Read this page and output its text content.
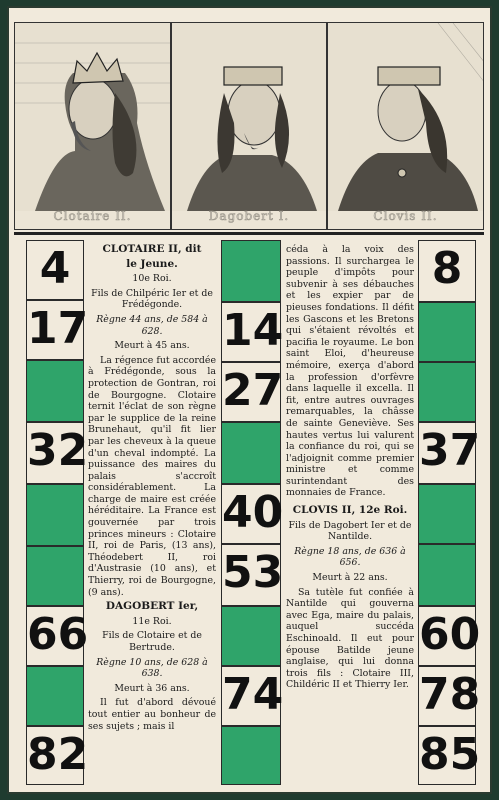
Clotaire II.	Dagobert I.	Clovis II.
4
17
32
66
82

CLOTAIRE II, dit

le Jeune.

10e Roi.

Fils de Chilpéric Ier et de Frédégonde.

Règne 44 ans, de 584 à 628.

Meurt à 45 ans.

La régence fut accordée à Frédégonde, sous la protection de Gontran, roi de Bourgogne. Clotaire ternit l'éclat de son règne par le supplice de la reine Brunehaut, qu'il fit lier par les cheveux à la queue d'un cheval indompté. La puissance des maires du palais s'accroît considérablement. La charge de maire est créée héréditaire. La France est gouvernée par trois princes mineurs : Clotaire II, roi de Paris, (13 ans), Théodebert II, roi d'Austrasie (10 ans), et Thierry, roi de Bourgogne, (9 ans).

DAGOBERT Ier,

11e Roi.

Fils de Clotaire et de Bertrude.

Règne 10 ans, de 628 à 638.

Meurt à 36 ans.

Il fut d'abord dévoué tout entier au bonheur de ses sujets ; mais il

14
27
40
53
74

céda à la voix des passions. Il surchargea le peuple d'impôts pour subvenir à ses débauches et les expier par de pieuses fondations. Il défit les Gascons et les Bretons qui s'étaient révoltés et pacifia le royaume. Le bon saint Eloi, d'heureuse mémoire, exerça d'abord la profession d'orfèvre dans laquelle il excella. Il fit, entre autres ouvrages remarquables, la châsse de sainte Geneviève. Ses hautes vertus lui valurent la confiance du roi, qui se l'adjoignit comme premier ministre et comme surintendant des monnaies de France.

CLOVIS II, 12e Roi.

Fils de Dagobert Ier et de Nantilde.

Règne 18 ans, de 636 à 656.

Meurt à 22 ans.

Sa tutèle fut confiée à Nantilde qui gouverna avec Ega, maire du palais, auquel succéda Eschinoald. Il eut pour épouse Batilde jeune anglaise, qui lui donna trois fils : Clotaire III, Childéric II et Thierry Ier.

8
37
60
78
85
